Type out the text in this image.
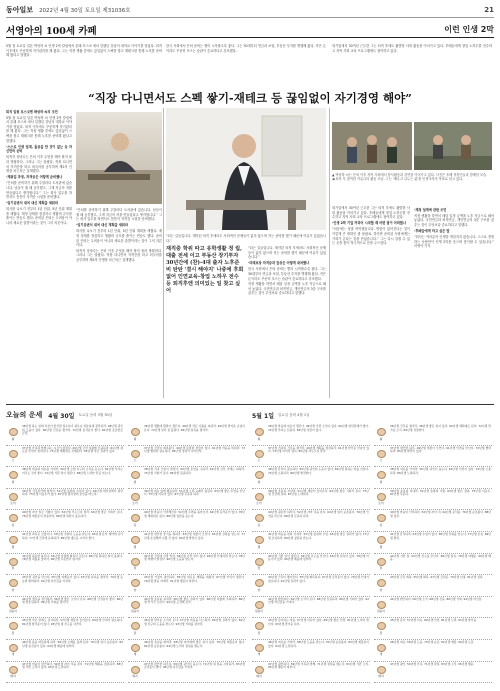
동아일보 2022년 4월 30일 토요일 제31036호	21
서영아의 100세 카페	이런 인생 2막

5월 첫 토요일 일본 박성하 씨 인생 2막 칼럼에서 본래 포스코 에서 일했던 강남의 대학교 이야기를 담았다. 퇴직 이후에도 꾸준하게 자기관리를 해 왔다. 그는 직장 생활 중에도 끊임없이 스펙을 쌓고 재테크를 통해 노후를 준비해 왔다고 말했다.

한국 사회에서 은퇴 준비는 빨리 시작할수록 좋다. 그는 30대부터 연금과 보험, 부동산 투자를 병행해 왔다. 작은 돈이라도 꾸준히 모으는 습관이 중요하다고 강조했다.

대기업에서 30여년 근무한 그는 퇴직 후에도 활발한 사회 활동을 이어가고 있다. 후배들에게 창업 노하우를 전수하고 지역 사회 교육 프로그램에도 참여하고 있다.

“직장 다니면서도 스펙 쌓기-재테크 등 끊임없이 자기경영 해야”
퇴직 임원 포스코엔 박성하 씨의 조언

5월 첫 토요일 일본 박성하 씨 인생 2막 칼럼에서 본래 포스코 에서 일했던 강남의 대학교 이야기를 담았다. 퇴직 이후에도 꾸준하게 자기관리를 해 왔다. 그는 직장 생활 중에도 끊임없이 스펙을 쌓고 재테크를 통해 노후를 준비해 왔다고 말했다.

-스스로 인생 설계, 돌공을 만 것이 없는 등 자신만의 준비

퇴직자 상당수는 은퇴 이후 무엇을 해야 할지 몰라 방황한다. 그러나 그는 달랐다. 직장 다니면서 자격증을 따고 외국어를 공부하며 제2의 인생을 차근차근 설계했다.

-재취업 과정, 자격증은 어떻게 준비했나

“은퇴를 준비하기 위해 주말마다 도서관에 갔습니다. 남들이 쉴 때 공부했고, 그게 지금의 저를 만들었다고 생각합니다.” 그는 회사 업무를 하면서도 틈틈이 자격증 시험을 준비했다.

-임기응변식 대처 대신 계획을 세워라

회사를 나오기 전부터 1년 단위, 5년 단위 계획을 세웠다. 재정 상태를 점검하고 생활비 규모를 줄이는 연습도 했다. 준비된 은퇴는 두려움이 아니라 새로운 출발이라는 것이 그의 지론이다.

“은퇴를 준비하기 위해 주말마다 도서관에 갔습니다. 남들이 쉴 때 공부했고, 그게 지금의 저를 만들었다고 생각합니다.” 그는 회사 업무를 하면서도 틈틈이 자격증 시험을 준비했다.

-임기응변식 대처 대신 계획을 세워라

회사를 나오기 전부터 1년 단위, 5년 단위 계획을 세웠다. 재정 상태를 점검하고 생활비 규모를 줄이는 연습도 했다. 준비된 은퇴는 두려움이 아니라 새로운 출발이라는 것이 그의 지론이다.

퇴직자 상당수는 은퇴 이후 무엇을 해야 할지 몰라 방황한다. 그러나 그는 달랐다. 직장 다니면서 자격증을 따고 외국어를 공부하며 제2의 인생을 차근차근 설계했다.

▲ 박성하 씨는 은퇴 이후 지역 사회에서 봉사활동과 강연을 이어가고 있다. 사진은 후배 직장인들과 함께한 모습.

◀ 퇴직 후 참여한 커뮤니티 활동 모습. 그는 '배우고 나누는 삶'을 인생 2막의 목표로 삼고 있다.

“되는 길들입니다. 계약된 퇴직 후에라도 사회적인 문제들이 없지 않으며 저는 준비를 했기 때문에 여유가 있었습니다.”

재직중 학위 따고 유학생활 정 립, 대출 전세 이고 부동산 장기투자 30년간에 (찬)-4대 출자 노후준비 탄탄 '결시 해야지' 나중에 후회없어 인연교육-창업 노하우 전수 등 퇴직후엔 의미있는 일 찾고 싶어

“되는 길들입니다. 계약된 퇴직 후에라도 사회적인 문제들이 없지 않으며 저는 준비를 했기 때문에 여유가 있었습니다.”

-미래보장 자격증과 일상은 어떻게 대처했나

한국 사회에서 은퇴 준비는 빨리 시작할수록 좋다. 그는 30대부터 연금과 보험, 부동산 투자를 병행해 왔다. 작은 돈이라도 꾸준히 모으는 습관이 중요하다고 강조했다.

직장 생활을 하면서 매달 일정 금액을 노후 자금으로 떼어 놓았다. 국민연금과 퇴직연금, 개인연금의 3층 구조를 갖추는 것이 무엇보다 중요하다고 말했다.

대기업에서 30여년 근무한 그는 퇴직 후에도 활발한 사회 활동을 이어가고 있다. 후배들에게 창업 노하우를 전수하고 지역 사회 교육 프로그램에도 참여하고 있다.

-인생 2막 기업 커리어 시작할 때 어떤 점이 어려웠나

“처음에는 정말 막막했습니다. 명함이 없어진다는 것이 이렇게 큰 변화인 줄 몰랐죠. 하지만 준비된 사람에게는 기회가 온다는 것을 믿었습니다.” 그는 다시 일할 수 있는 곳을 찾아 적극적으로 문을 두드렸다.

-재정 설계에 관한 조언

직장 생활을 하면서 매달 일정 금액을 노후 자금으로 떼어 놓았다. 국민연금과 퇴직연금, 개인연금의 3층 구조를 갖추는 것이 무엇보다 중요하다고 말했다.

-후배들에게 하고 싶은 말

“회사는 여러분의 인생을 책임지지 않습니다. 스스로 경영하는 사람만이 인생 2막을 웃으며 맞이할 수 있습니다.” 서영아 기자

오늘의 운세 4월 30일 토요일 음력 3월 30일	5월 1일 일요일 음력 4월 1일
쥐
36년생 하는 일에 욕심이 앞서면 실수하기 쉬우니 차분하게 정리하라. 48년생 귀인의 도움이 있다. 60년생 건강을 챙겨라. 72년생 문서운이 좋다. 84년생 조급함은 금물.
소
37년생 가족과 함께 하는 시간이 즐겁다. 49년생 금전 지출에 신중하라. 61년생 새로운 인연이 찾아온다. 73년생 계획대로 진행된다. 85년생 작은 성과가 있다.
범
38년생 마음의 여유를 가져라. 50년생 오랜 친구의 소식을 듣는다. 62년생 투자는 미루는 것이 좋다. 74년생 기쁜 일이 생긴다. 86년생 노력한 만큼 얻는다.
토끼
39년생 건강관리에 힘써라. 51년생 뜻밖의 수입이 있다. 63년생 대인관계가 원만하다. 75년생 이동수가 있다. 87년생 윗사람의 조언을 따르라.
용
40년생 자녀 일로 기쁨이 있다. 52년생 서두르지 말라. 64년생 좋은 기회가 온다. 76년생 재물운이 상승한다. 88년생 실천이 중요하다.
뱀
41년생 과욕은 금물이다. 53년생 주변의 도움을 받는다. 65년생 문서 계약에 유리하다. 77년생 건강에 유의하라. 89년생 새로운 시작이 좋다.
말
42년생 평온한 하루다. 54년생 가정에 화목이 깃든다. 66년생 원하던 일이 풀린다. 78년생 지출을 줄여라. 90년생 꾸준함이 답이다.
양
43년생 귀인을 만난다. 55년생 여행운이 있다. 67년생 실속을 챙겨라. 79년생 동료와 협력하라. 91년생 자신감을 가져라.
원숭이
44년생 생각을 정리하라. 56년생 좋은 소식이 온다. 68년생 금전운이 좋다. 80년생 말조심하라. 92년생 기회를 잡아라.
닭
45년생 작은 일에도 감사하라. 57년생 재물이 들어온다. 69년생 인내가 필요하다. 81년생 합격운이 있다. 93년생 새 친구를 사귄다.
개
46년생 몸을 따뜻하게 하라. 58년생 오해를 풀게 된다. 70년생 일이 순조롭다. 82년생 승진운이 있다. 94년생 배움에 힘써라.
돼지
47년생 마음이 편안하다. 59년생 자녀 덕을 본다. 71년생 계획을 점검하라. 83년생 기쁜 소식이 있다. 95년생 도전하라.
쥐
36년생 생활에 활력이 생긴다. 48년생 작은 다툼을 피하라. 60년생 반가운 손님이 온다. 72년생 일이 잘 풀린다. 84년생 실속을 챙겨라.
소
37년생 건강이 회복된다. 49년생 뜻밖의 선물이 있다. 61년생 마음을 비워라. 73년생 협력이 필요하다. 85년생 성과가 나타난다.
범
38년생 가족 모임이 즐겁다. 50년생 조언을 구하라. 62년생 금전 거래는 피하라. 74년생 기회가 온다. 86년생 집중하라.
토끼
39년생 여유 있게 행동하라. 51년생 오랜 숙제가 풀린다. 63년생 좋은 인연을 만난다. 75년생 이득이 있다. 87년생 꾸준히 하라.
용
40년생 마음이 넉넉해진다. 52년생 주변을 돌아보라. 64년생 문서운이 있다. 76년생 계획대로 된다. 88년생 칭찬을 듣는다.
뱀
41년생 편안한 휴식을 취하라. 53년생 재물이 모인다. 65년생 신뢰를 얻는다. 77년생 조심해서 나쁠 것 없다. 89년생 발전이 있다.
말
42년생 건강에 신경 써라. 54년생 기쁜 일이 있다. 66년생 인내하면 얻는다. 78년생 여행이 즐겁다. 90년생 도움을 받는다.
양
43년생 가정이 평안하다. 55년생 새로운 계획을 세워라. 67년생 이익이 생긴다. 79년생 말을 아껴라. 91년생 행운이 따른다.
원숭이
44년생 조용히 지내라. 56년생 좋은 결과가 있다. 68년생 지출에 주의하라. 80년생 인기가 오른다. 92년생 도전해 보라.
닭
45년생 반가운 소식이 온다. 57년생 마음을 다스려라. 69년생 성과가 있다. 81년생 친구의 도움을 받는다. 93년생 기회를 잡아라.
개
46년생 욕심을 버려라. 58년생 자녀에게 좋은 일이 있다. 70년생 재물운이 있다. 82년생 순조롭다. 94년생 노력이 결실을 맺는다.
돼지
47년생 편안한 하루다. 59년생 귀인이 돕는다. 71년생 새 일을 시작하라. 83년생 금전운이 좋다. 95년생 자신감을 가져라.
쥐
36년생 마음에 여유가 생긴다. 48년생 기쁜 소식이 있다. 60년생 대인관계가 좋다. 72년생 투자는 신중히. 84년생 성장이 있다.
소
37년생 가족의 건강을 챙겨라. 49년생 계획을 점검하라. 61년생 반가운 만남이 있다. 73년생 이익이 있다. 85년생 서두르지 말라.
범
38년생 휴식이 필요하다. 50년생 귀인의 도움이 있다. 62년생 원하는 바를 이룬다. 74년생 소통하라. 86년생 발전한다.
토끼
39년생 조용히 지내라. 51년생 재물이 들어온다. 63년생 좋은 기회가 온다. 75년생 건강에 유의. 87년생 노력하라.
용
40년생 평온한 하루다. 52년생 자녀 덕을 본다. 64년생 일이 순조롭다. 76년생 인연을 만난다. 88년생 꾸준히 하라.
뱀
41년생 마음을 편히 가져라. 53년생 뜻밖의 수입. 65년생 좋은 결과가 있다. 77년생 조심하라. 89년생 칭찬을 받는다.
말
42년생 기쁜 일이 생긴다. 54년생 친구를 만난다. 66년생 실속이 있다. 78년생 이동수가 있다. 90년생 배움에 힘써라.
양
43년생 건강이 좋아진다. 55년생 화목하다. 67년생 금전운이 있다. 79년생 인내가 필요하다. 91년생 성과가 있다.
원숭이
44년생 편안하다. 56년생 소식이 온다. 68년생 신중하라. 80년생 기회가 있다. 92년생 자신감을 가져라.
닭
45년생 감사하는 마음. 57년생 이득이 있다. 69년생 좋은 인연. 81년생 노력이 빛난다. 93년생 즐거운 하루.
개
46년생 여유를 가져라. 58년생 도움을 받는다. 70년생 순조롭다. 82년생 재물운이 있다. 94년생 도전하라.
돼지
47년생 평안하다. 59년생 가족과 함께. 71년생 결실을 맺는다. 83년생 기쁜 소식. 95년생 행운이 따른다.
쥐
36년생 건강을 챙겨라. 48년생 좋은 일이 있다. 60년생 계획대로 된다. 72년생 반가운 소식. 84년생 성장한다.
소
37년생 편안한 하루. 49년생 재물이 모인다. 61년생 인연을 만난다. 73년생 협력하라. 85년생 발전이 있다.
범
38년생 여유를 가져라. 50년생 귀인이 돕는다. 62년생 이익이 있다. 74년생 소통하라. 86년생 노력하라.
토끼
39년생 조용히 지내라. 51년생 뜻밖의 기쁨. 63년생 좋은 결과. 75년생 이동수. 87년생 꾸준히.
용
40년생 마음이 넉넉하다. 52년생 자녀 덕. 64년생 문서운. 76년생 순조롭다. 88년생 칭찬.
뱀
41년생 휴식하라. 53년생 수입이 있다. 65년생 신뢰를 얻는다. 77년생 조심. 89년생 발전.
말
42년생 기쁜 일. 54년생 친구를 만난다. 66년생 실속. 78년생 여행운. 90년생 배움.
양
43년생 건강 회복. 55년생 화목. 67년생 금전운. 79년생 인내. 91년생 성과.
원숭이
44년생 편안하다. 56년생 소식. 68년생 신중. 80년생 기회. 92년생 자신감.
닭
45년생 감사. 57년생 이득. 69년생 인연. 81년생 노력. 93년생 즐거움.
개
46년생 여유. 58년생 도움. 70년생 순조. 82년생 재물. 94년생 도전.
돼지
47년생 평안. 59년생 가족. 71년생 결실. 83년생 소식. 95년생 행운.
